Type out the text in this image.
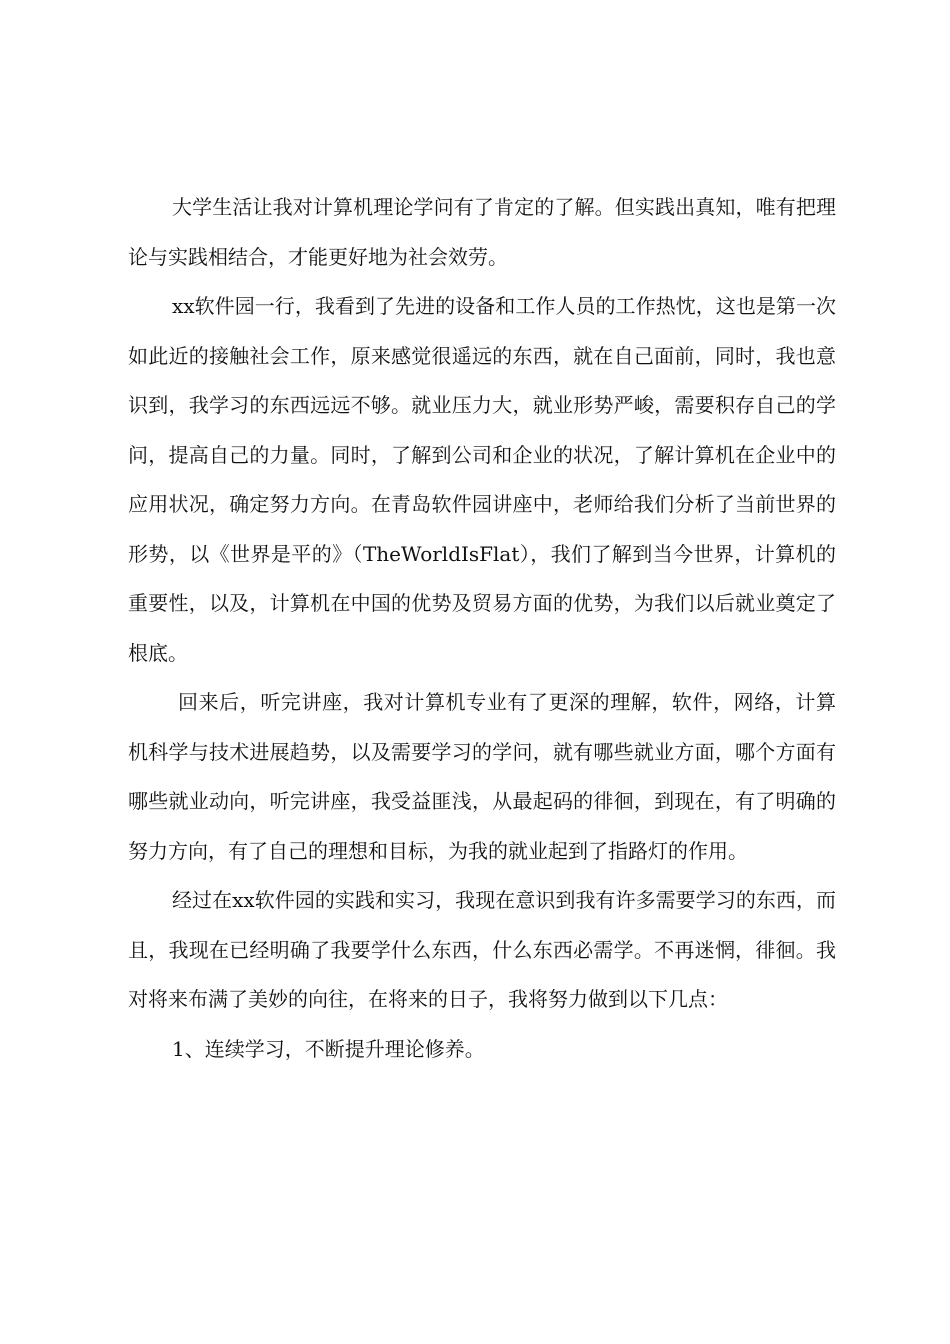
大学生活让我对计算机理论学问有了肯定的了解。但实践出真知，唯有把理论与实践相结合，才能更好地为社会效劳。

xx软件园一行，我看到了先进的设备和工作人员的工作热忱，这也是第一次如此近的接触社会工作，原来感觉很遥远的东西，就在自己面前，同时，我也意识到，我学习的东西远远不够。就业压力大，就业形势严峻，需要积存自己的学问，提高自己的力量。同时，了解到公司和企业的状况，了解计算机在企业中的应用状况，确定努力方向。在青岛软件园讲座中，老师给我们分析了当前世界的形势，以《世界是平的》（TheWorldIsFlat），我们了解到当今世界，计算机的重要性，以及，计算机在中国的优势及贸易方面的优势，为我们以后就业奠定了根底。

回来后，听完讲座，我对计算机专业有了更深的理解，软件，网络，计算机科学与技术进展趋势，以及需要学习的学问，就有哪些就业方面，哪个方面有哪些就业动向，听完讲座，我受益匪浅，从最起码的徘徊，到现在，有了明确的努力方向，有了自己的理想和目标，为我的就业起到了指路灯的作用。

经过在xx软件园的实践和实习，我现在意识到我有许多需要学习的东西，而且，我现在已经明确了我要学什么东西，什么东西必需学。不再迷惘，徘徊。我对将来布满了美妙的向往，在将来的日子，我将努力做到以下几点：

1、连续学习，不断提升理论修养。
